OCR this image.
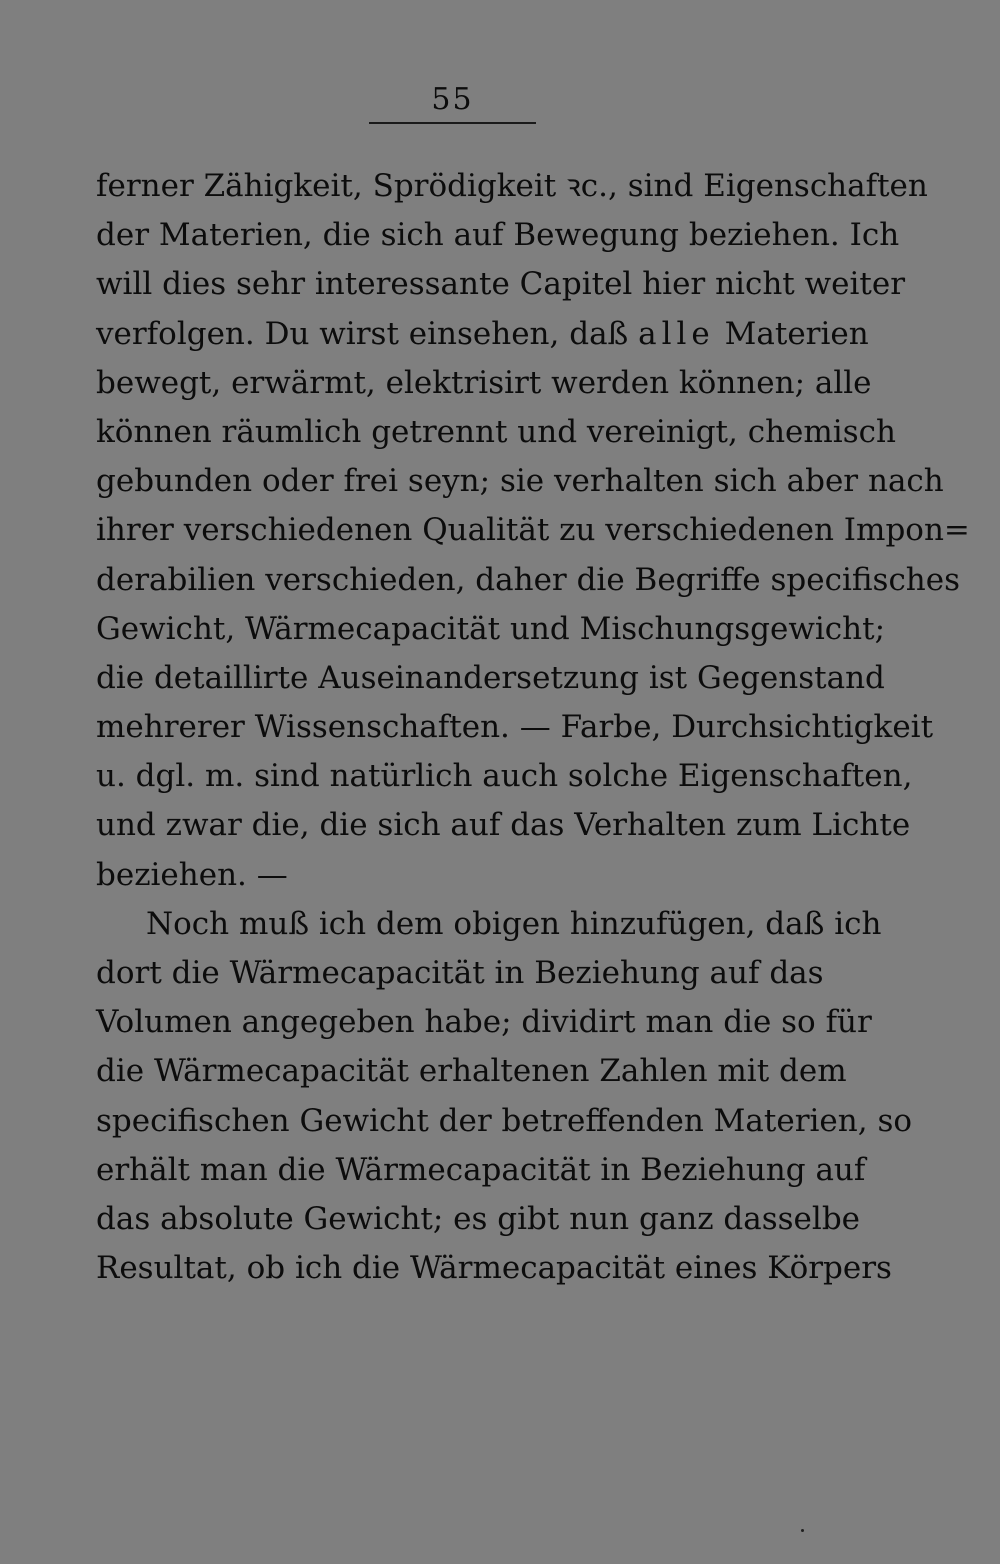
55
ferner Zähigkeit, Sprödigkeit ꝛc., sind Eigenschaften
der Materien, die sich auf Bewegung beziehen. Ich
will dies sehr interessante Capitel hier nicht weiter
verfolgen. Du wirst einsehen, daß alle Materien
bewegt, erwärmt, elektrisirt werden können; alle
können räumlich getrennt und vereinigt, chemisch
gebunden oder frei seyn; sie verhalten sich aber nach
ihrer verschiedenen Qualität zu verschiedenen Impon=
derabilien verschieden, daher die Begriffe specifisches
Gewicht, Wärmecapacität und Mischungsgewicht;
die detaillirte Auseinandersetzung ist Gegenstand
mehrerer Wissenschaften. — Farbe, Durchsichtigkeit
u. dgl. m. sind natürlich auch solche Eigenschaften,
und zwar die, die sich auf das Verhalten zum Lichte
beziehen. —
Noch muß ich dem obigen hinzufügen, daß ich
dort die Wärmecapacität in Beziehung auf das
Volumen angegeben habe; dividirt man die so für
die Wärmecapacität erhaltenen Zahlen mit dem
specifischen Gewicht der betreffenden Materien, so
erhält man die Wärmecapacität in Beziehung auf
das absolute Gewicht; es gibt nun ganz dasselbe
Resultat, ob ich die Wärmecapacität eines Körpers
